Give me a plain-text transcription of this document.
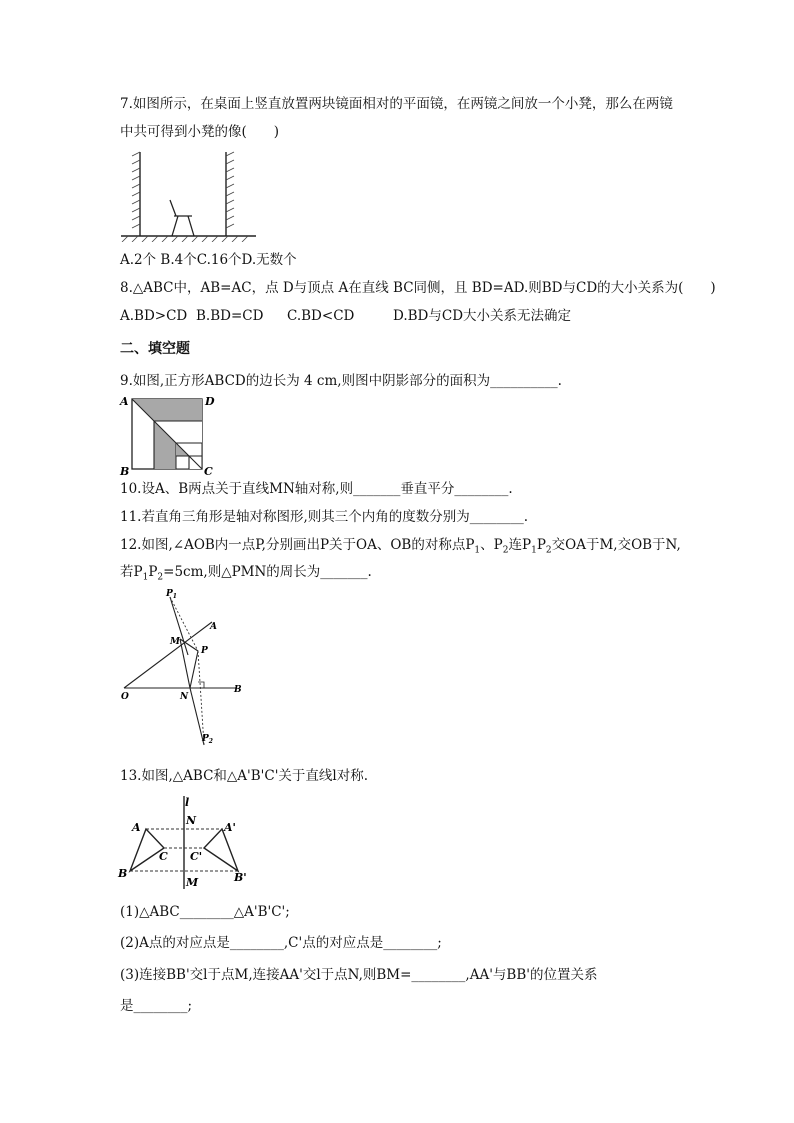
7.如图所示，在桌面上竖直放置两块镜面相对的平面镜，在两镜之间放一个小凳，那么在两镜
中共可得到小凳的像(　　)
A.2个 B.4个C.16个D.无数个
8.△ABC中，AB=AC，点 D与顶点 A在直线 BC同侧，且 BD=AD.则BD与CD的大小关系为(　　)
A.BD>CD B.BD=CD C.BD<CD	D.BD与CD大小关系无法确定
二、填空题
9.如图,正方形ABCD的边长为 4 cm,则图中阴影部分的面积为__________.
A	D
B	C
10.设A、B两点关于直线MN轴对称,则_______垂直平分________.
11.若直角三角形是轴对称图形,则其三个内角的度数分别为________.
12.如图,∠AOB内一点P,分别画出P关于OA、OB的对称点$P_1$、$P_2$连$P_1P_2$交OA于M,交OB于N,
若$P_1P_2=5cm$,则△PMN的周长为_______.
$P_1$
A
M
P
O	N
B
$P_2$
13.如图,△ABC和△A'B'C'关于直线l对称.
l
N
A	A'
C C'
B	B'
M
(1)△ABC________△A'B'C';
(2)A点的对应点是________,C'点的对应点是________;
(3)连接BB'交l于点M,连接AA'交l于点N,则BM=________,AA'与BB'的位置关系
是________;
